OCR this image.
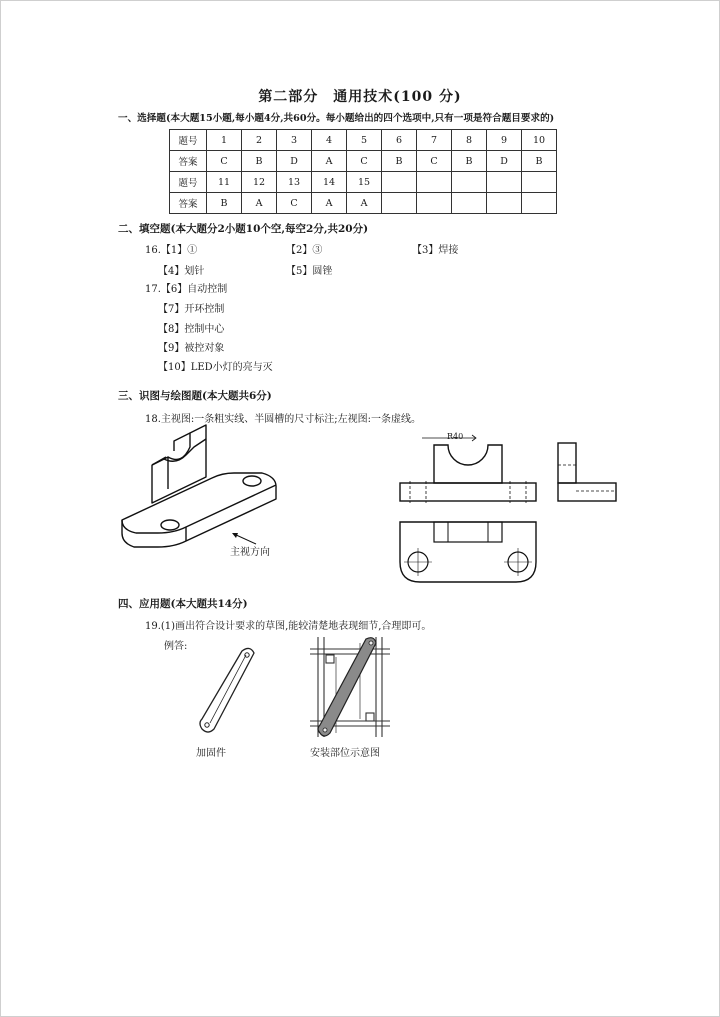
第二部分　通用技术(100 分)
一、选择题(本大题15小题,每小题4分,共60分。每小题给出的四个选项中,只有一项是符合题目要求的)
题号	1	2	3	4	5	6	7	8	9	10
答案	C	B	D	A	C	B	C	B	D	B
题号	11	12	13	14	15					
答案	B	A	C	A	A					
二、填空题(本大题分2小题10个空,每空2分,共20分)
16.【1】①	【2】③	【3】焊接
【4】划针	【5】圆锉
17.【6】自动控制
【7】开环控制
【8】控制中心
【9】被控对象
【10】LED小灯的亮与灭
三、识图与绘图题(本大题共6分)
18.主视图:一条粗实线、半圆槽的尺寸标注;左视图:一条虚线。
主视方向
R40
四、应用题(本大题共14分)
19.(1)画出符合设计要求的草图,能较清楚地表现细节,合理即可。
例答:
加固件	安装部位示意图
